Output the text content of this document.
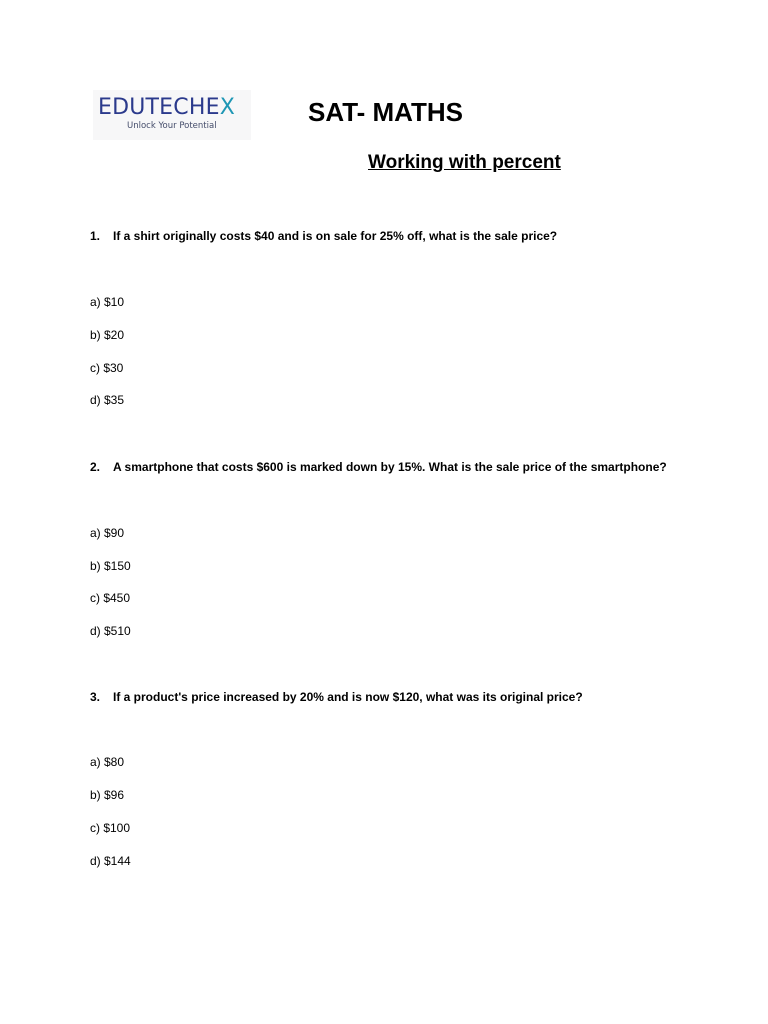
EDUTECHEX
Unlock Your Potential	SAT- MATHS
Working with percent
1. If a shirt originally costs $40 and is on sale for 25% off, what is the sale price?
a) $10
b) $20
c) $30
d) $35
2. A smartphone that costs $600 is marked down by 15%. What is the sale price of the smartphone?
a) $90
b) $150
c) $450
d) $510
3. If a product's price increased by 20% and is now $120, what was its original price?
a) $80
b) $96
c) $100
d) $144
